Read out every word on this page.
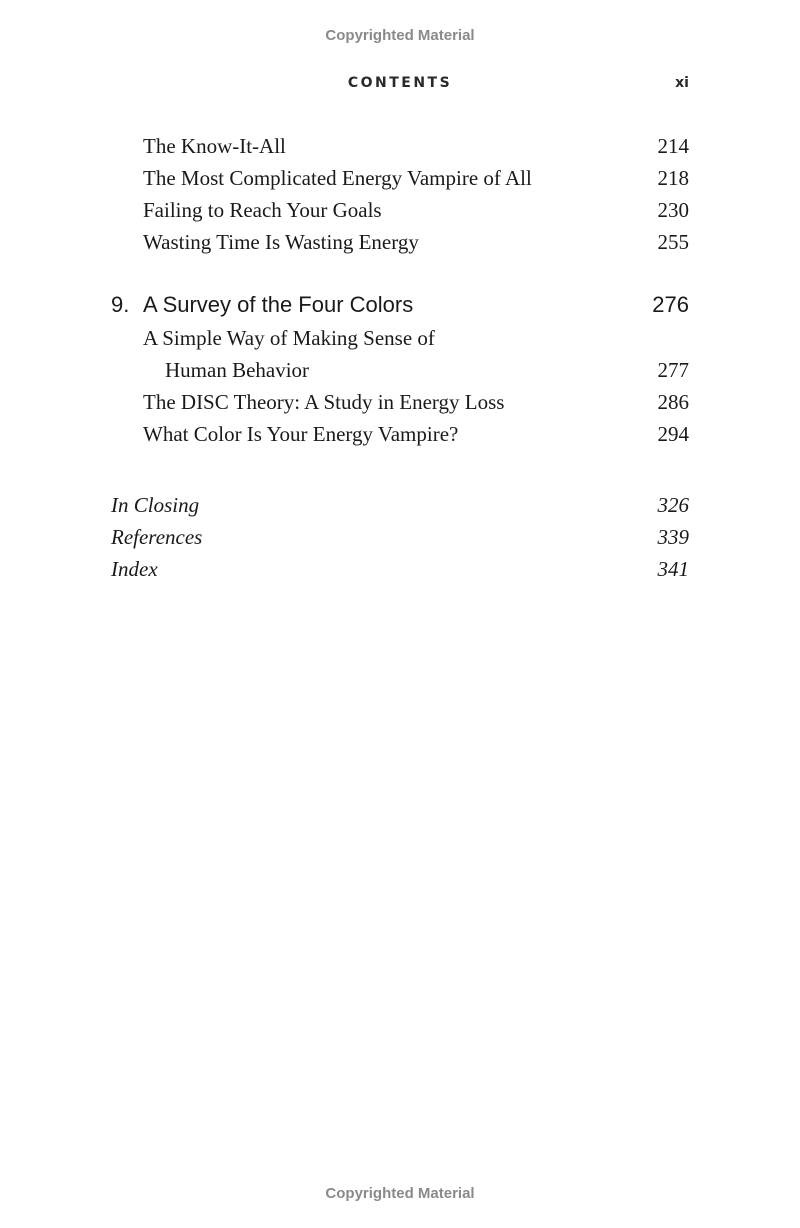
Copyrighted Material
CONTENTS	xi
The Know-It-All	214
The Most Complicated Energy Vampire of All	218
Failing to Reach Your Goals	230
Wasting Time Is Wasting Energy	255
9. A Survey of the Four Colors	276
A Simple Way of Making Sense of
Human Behavior	277
The DISC Theory: A Study in Energy Loss	286
What Color Is Your Energy Vampire?	294
In Closing	326
References	339
Index	341
Copyrighted Material
